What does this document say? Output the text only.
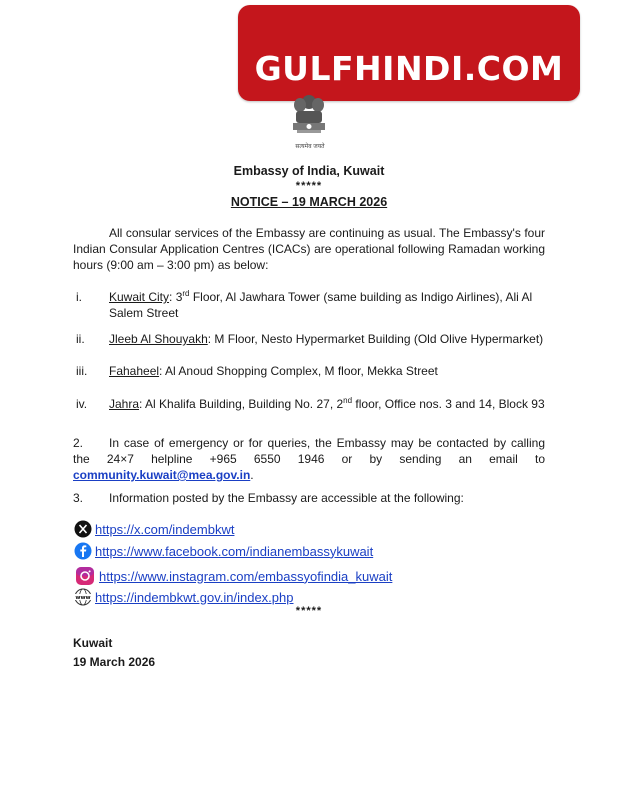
GULFHINDI.COM
सत्यमेव जयते
Embassy of India, Kuwait
*****
NOTICE – 19 MARCH 2026
All consular services of the Embassy are continuing as usual. The Embassy's four Indian Consular Application Centres (ICACs) are operational following Ramadan working hours (9:00 am – 3:00 pm) as below:
i.	Kuwait City: 3rd Floor, Al Jawhara Tower (same building as Indigo Airlines), Ali Al Salem Street
ii.	Jleeb Al Shouyakh: M Floor, Nesto Hypermarket Building (Old Olive Hypermarket)
iii.	Fahaheel: Al Anoud Shopping Complex, M floor, Mekka Street
iv.	Jahra: Al Khalifa Building, Building No. 27, 2nd floor, Office nos. 3 and 14, Block 93
2. In case of emergency or for queries, the Embassy may be contacted by calling the 24×7 helpline +965 6550 1946 or by sending an email to community.kuwait@mea.gov.in.
3. Information posted by the Embassy are accessible at the following:
https://x.com/indembkwt
https://www.facebook.com/indianembassykuwait
https://www.instagram.com/embassyofindia_kuwait
www https://indembkwt.gov.in/index.php
*****
Kuwait
19 March 2026
